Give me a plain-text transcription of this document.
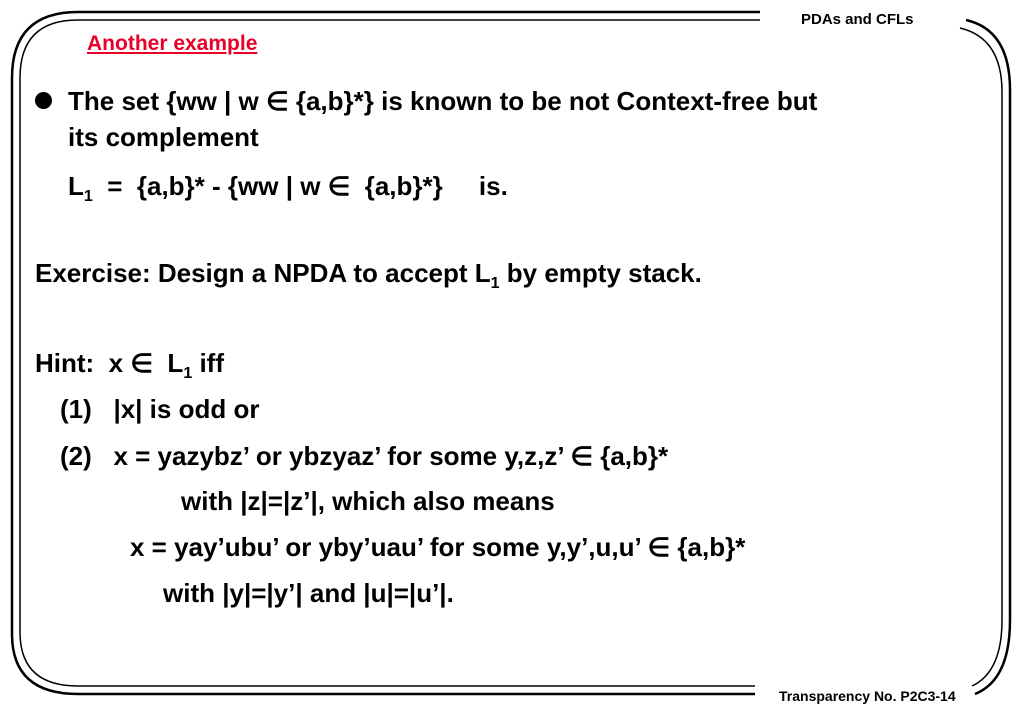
PDAs and CFLs
Transparency No. P2C3-14
Another example
The set {ww | w ∈ {a,b}*} is known to be not Context-free but
its complement
$L_1 = \{a,b\}* - \{ww$ | w ∈  {a,b}*}     is.
Exercise: Design a NPDA to accept $L_1$ by empty stack.
Hint:  x ∈  $L_1$ iff
(1)   |x| is odd or
(2)   x = yazybz’ or ybzyaz’ for some y,z,z’ ∈ {a,b}*
with |z|=|z’|, which also means
x = yay’ubu’ or yby’uau’ for some y,y’,u,u’ ∈ {a,b}*
with |y|=|y’| and |u|=|u’|.
